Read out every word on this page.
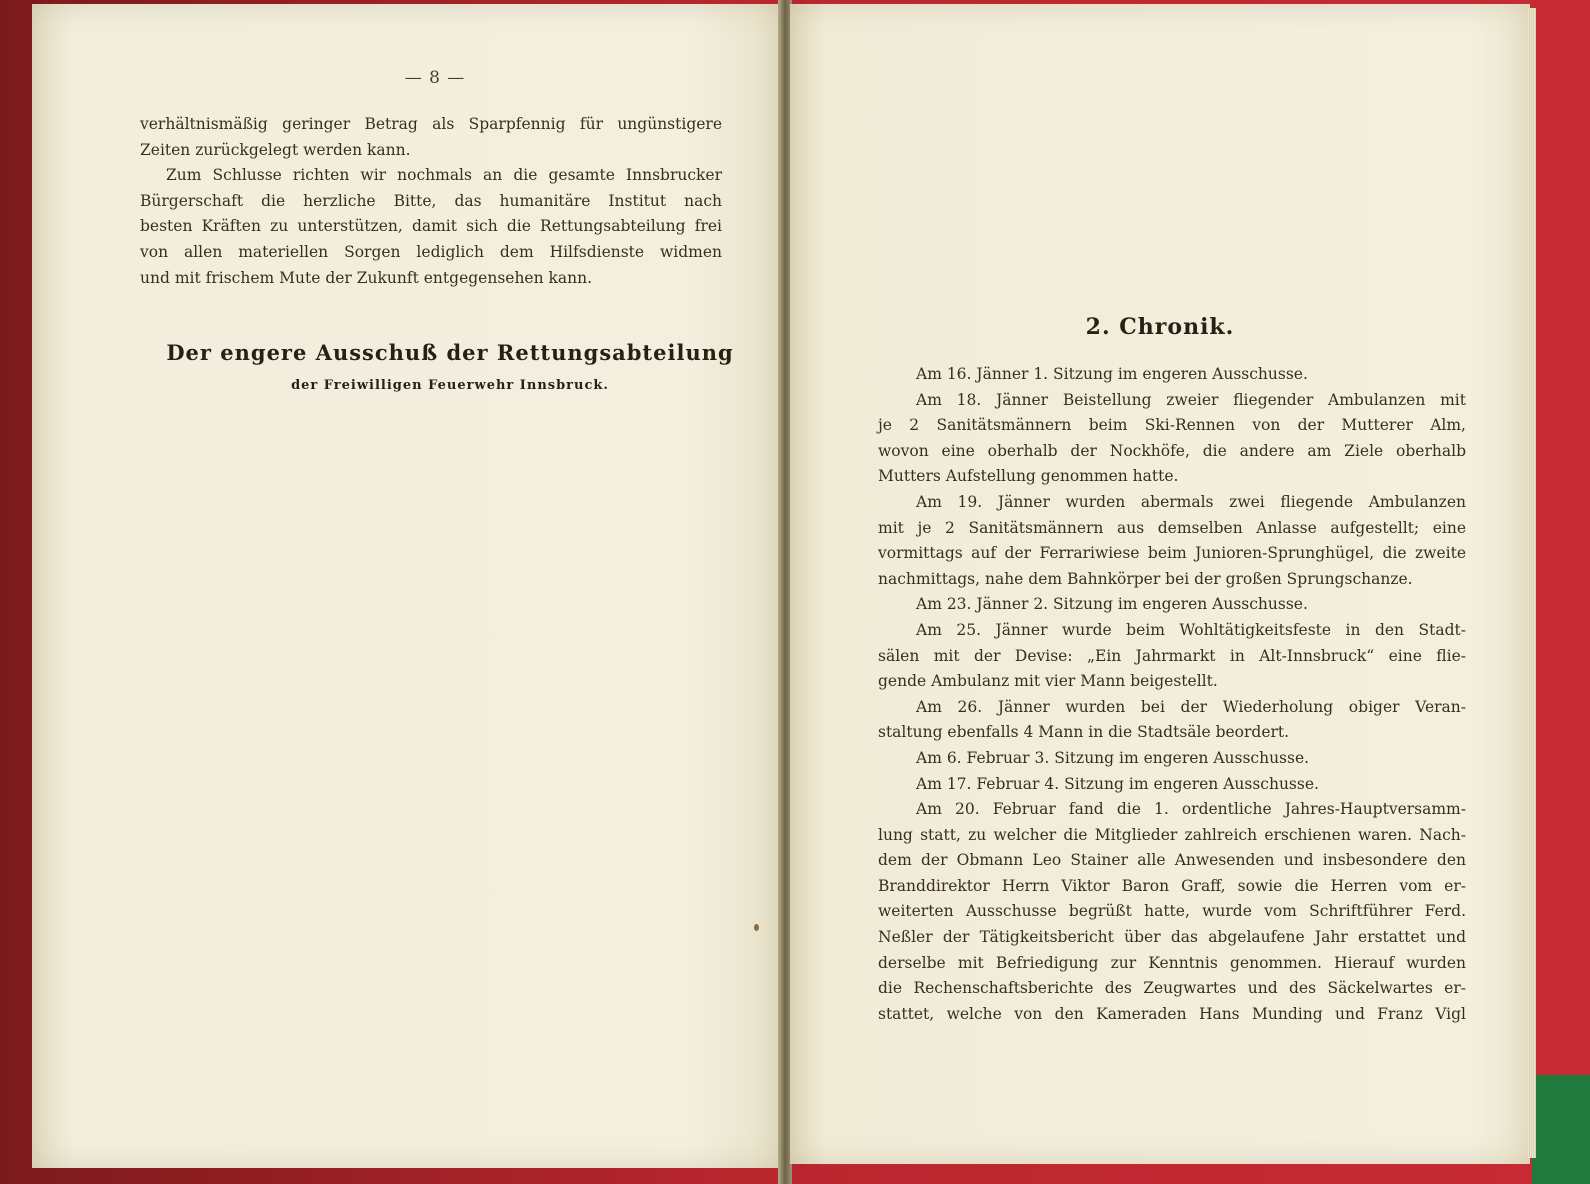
— 8 —

verhältnismäßig geringer Betrag als Sparpfennig für ungünstigere
Zeiten zurückgelegt werden kann.

Zum Schlusse richten wir nochmals an die gesamte Innsbrucker
Bürgerschaft die herzliche Bitte, das humanitäre Institut nach
besten Kräften zu unterstützen, damit sich die Rettungsabteilung frei
von allen materiellen Sorgen lediglich dem Hilfsdienste widmen
und mit frischem Mute der Zukunft entgegensehen kann.

Der engere Ausschuß der Rettungsabteilung
der Freiwilligen Feuerwehr Innsbruck.
2. Chronik.
Am 16. Jänner 1. Sitzung im engeren Ausschusse.
Am 18. Jänner Beistellung zweier fliegender Ambulanzen mit
je 2 Sanitätsmännern beim Ski-Rennen von der Mutterer Alm,
wovon eine oberhalb der Nockhöfe, die andere am Ziele oberhalb
Mutters Aufstellung genommen hatte.
Am 19. Jänner wurden abermals zwei fliegende Ambulanzen
mit je 2 Sanitätsmännern aus demselben Anlasse aufgestellt; eine
vormittags auf der Ferrariwiese beim Junioren-Sprunghügel, die zweite
nachmittags, nahe dem Bahnkörper bei der großen Sprungschanze.
Am 23. Jänner 2. Sitzung im engeren Ausschusse.
Am 25. Jänner wurde beim Wohltätigkeitsfeste in den Stadt-
sälen mit der Devise: „Ein Jahrmarkt in Alt-Innsbruck“ eine flie-
gende Ambulanz mit vier Mann beigestellt.
Am 26. Jänner wurden bei der Wiederholung obiger Veran-
staltung ebenfalls 4 Mann in die Stadtsäle beordert.
Am 6. Februar 3. Sitzung im engeren Ausschusse.
Am 17. Februar 4. Sitzung im engeren Ausschusse.
Am 20. Februar fand die 1. ordentliche Jahres-Hauptversamm-
lung statt, zu welcher die Mitglieder zahlreich erschienen waren. Nach-
dem der Obmann Leo Stainer alle Anwesenden und insbesondere den
Branddirektor Herrn Viktor Baron Graff, sowie die Herren vom er-
weiterten Ausschusse begrüßt hatte, wurde vom Schriftführer Ferd.
Neßler der Tätigkeitsbericht über das abgelaufene Jahr erstattet und
derselbe mit Befriedigung zur Kenntnis genommen. Hierauf wurden
die Rechenschaftsberichte des Zeugwartes und des Säckelwartes er-
stattet, welche von den Kameraden Hans Munding und Franz Vigl
